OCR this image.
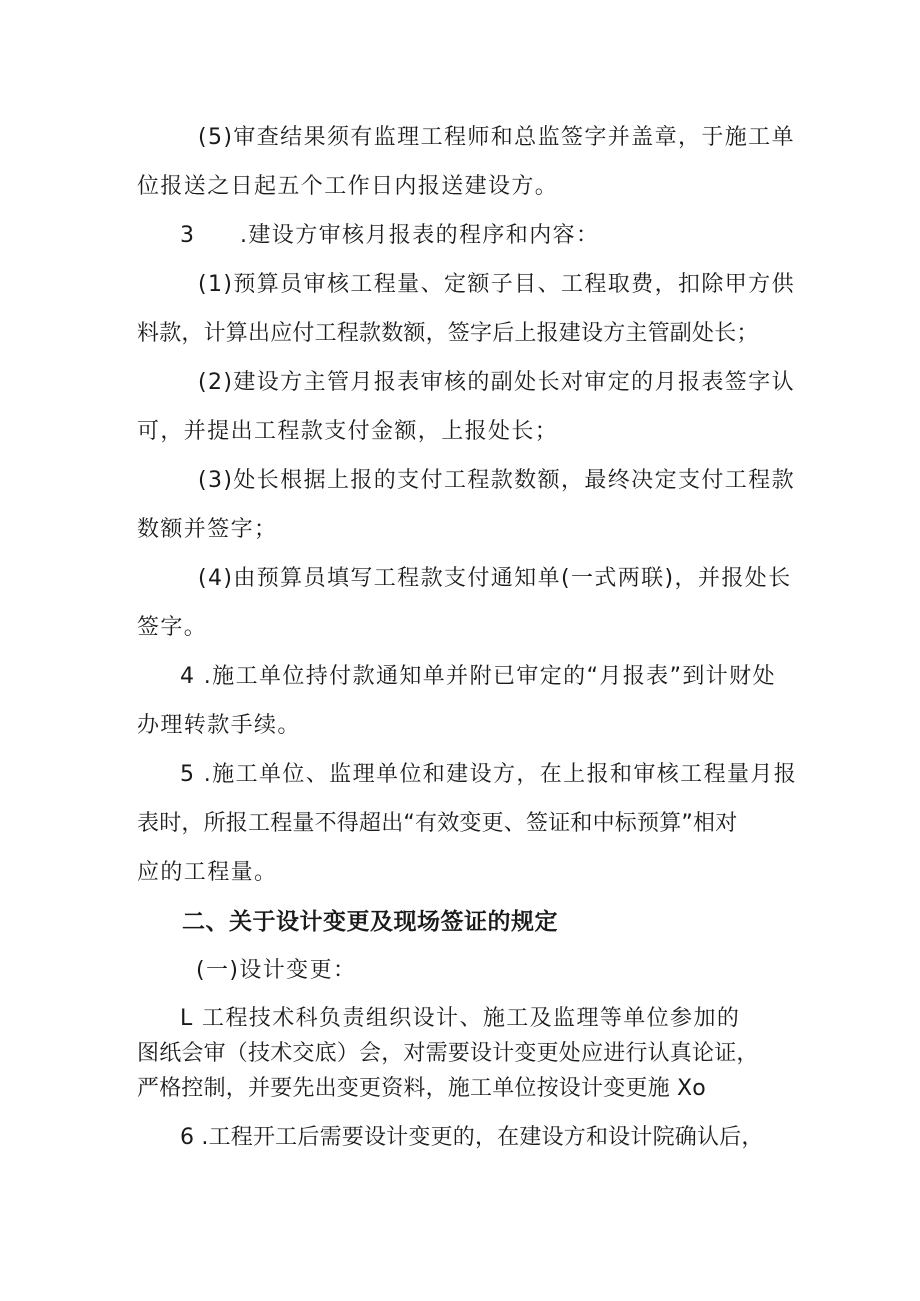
(5)审查结果须有监理工程师和总监签字并盖章，于施工单
位报送之日起五个工作日内报送建设方。
3 .建设方审核月报表的程序和内容：
(1)预算员审核工程量、定额子目、工程取费，扣除甲方供
料款，计算出应付工程款数额，签字后上报建设方主管副处长；
(2)建设方主管月报表审核的副处长对审定的月报表签字认
可，并提出工程款支付金额，上报处长；
(3)处长根据上报的支付工程款数额，最终决定支付工程款
数额并签字；
(4)由预算员填写工程款支付通知单(一式两联)，并报处长
签字。
4 .施工单位持付款通知单并附已审定的“月报表”到计财处
办理转款手续。
5 .施工单位、监理单位和建设方，在上报和审核工程量月报
表时，所报工程量不得超出“有效变更、签证和中标预算”相对
应的工程量。
二、关于设计变更及现场签证的规定
(一)设计变更：
L 工程技术科负责组织设计、施工及监理等单位参加的
图纸会审（技术交底）会，对需要设计变更处应进行认真论证，
严格控制，并要先出变更资料，施工单位按设计变更施 Xo
6 .工程开工后需要设计变更的，在建设方和设计院确认后，
